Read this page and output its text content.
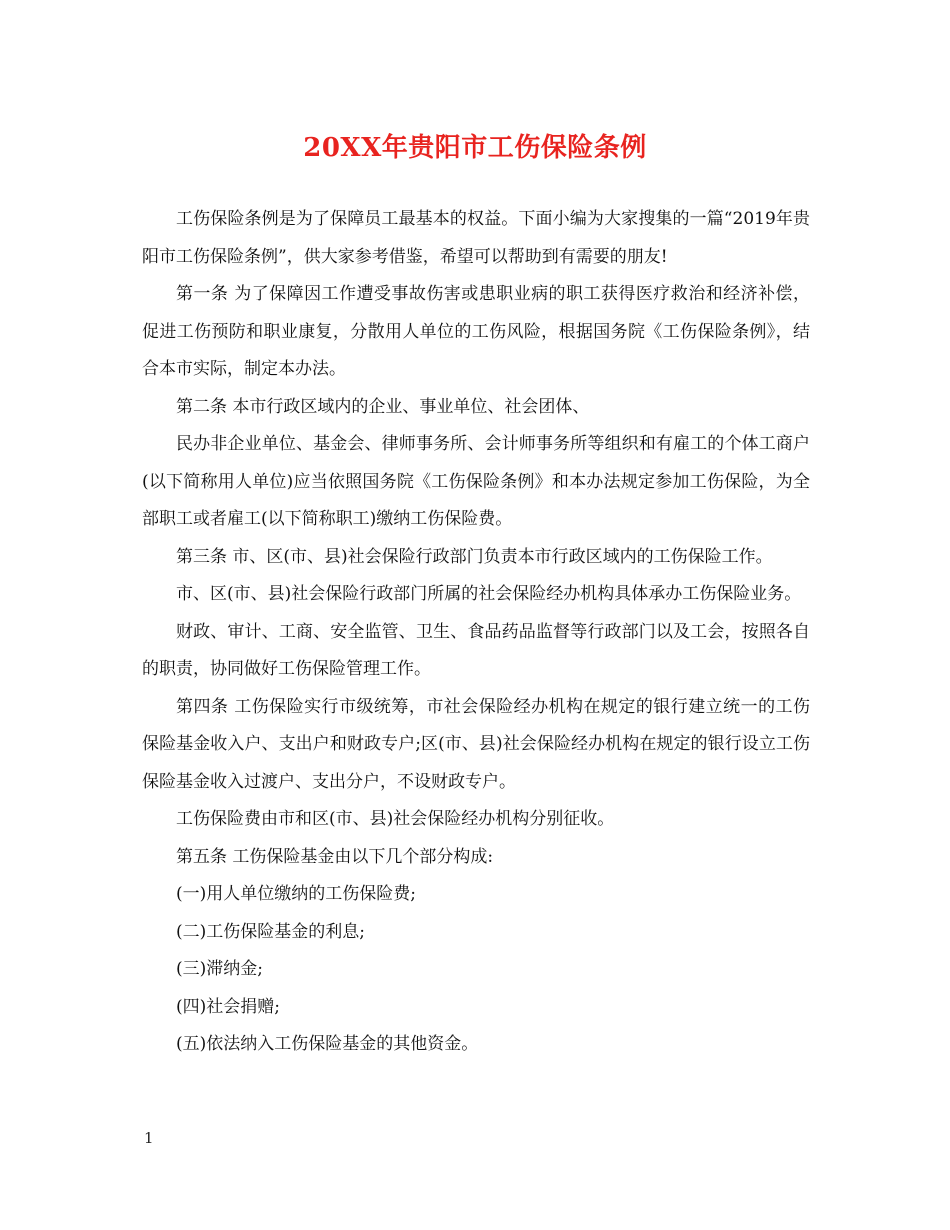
20XX年贵阳市工伤保险条例

工伤保险条例是为了保障员工最基本的权益。下面小编为大家搜集的一篇“2019年贵阳市工伤保险条例”，供大家参考借鉴，希望可以帮助到有需要的朋友!

第一条 为了保障因工作遭受事故伤害或患职业病的职工获得医疗救治和经济补偿，促进工伤预防和职业康复，分散用人单位的工伤风险，根据国务院《工伤保险条例》，结合本市实际，制定本办法。

第二条 本市行政区域内的企业、事业单位、社会团体、

民办非企业单位、基金会、律师事务所、会计师事务所等组织和有雇工的个体工商户(以下简称用人单位)应当依照国务院《工伤保险条例》和本办法规定参加工伤保险，为全部职工或者雇工(以下简称职工)缴纳工伤保险费。

第三条 市、区(市、县)社会保险行政部门负责本市行政区域内的工伤保险工作。

市、区(市、县)社会保险行政部门所属的社会保险经办机构具体承办工伤保险业务。

财政、审计、工商、安全监管、卫生、食品药品监督等行政部门以及工会，按照各自的职责，协同做好工伤保险管理工作。

第四条 工伤保险实行市级统筹，市社会保险经办机构在规定的银行建立统一的工伤保险基金收入户、支出户和财政专户;区(市、县)社会保险经办机构在规定的银行设立工伤保险基金收入过渡户、支出分户，不设财政专户。

工伤保险费由市和区(市、县)社会保险经办机构分别征收。

第五条 工伤保险基金由以下几个部分构成:

(一)用人单位缴纳的工伤保险费;

(二)工伤保险基金的利息;

(三)滞纳金;

(四)社会捐赠;

(五)依法纳入工伤保险基金的其他资金。

1
